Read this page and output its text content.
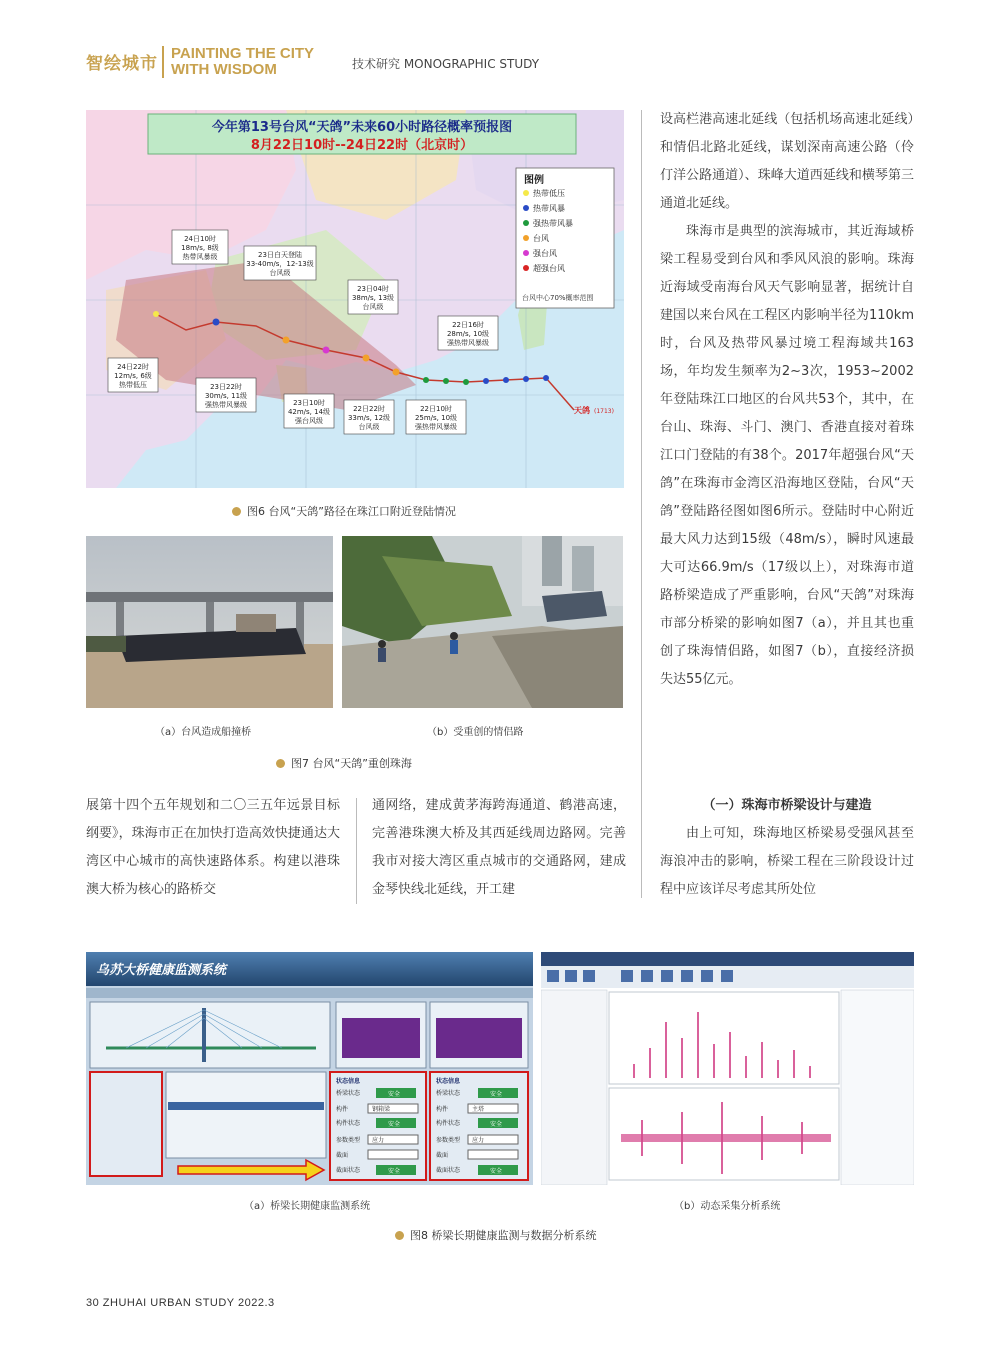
智绘城市
PAINTING THE CITY
WITH WISDOM	技术研究 MONOGRAPHIC STUDY
今年第13号台风“天鸽”未来60小时路径概率预报图
8月22日10时--24日22时（北京时）
图例
热带低压
热带风暴
强热带风暴
台风
强台风
超强台风
台风中心70%概率范围
24日10时
18m/s, 8级
热带风暴级	23日白天登陆
33-40m/s，12-13级
台风级
23日04时
38m/s, 13级
台风级
22日16时
28m/s, 10级
强热带风暴级
24日22时
12m/s, 6级
热带低压	23日22时
30m/s, 11级
强热带风暴级	23日10时
42m/s, 14级
强台风级
22日22时
33m/s, 12级
台风级
22日10时
25m/s, 10级
强热带风暴级
天鸽 (1713)
图6 台风“天鸽”路径在珠江口附近登陆情况
（a）台风造成船撞桥	（b）受重创的情侣路
图7 台风“天鸽”重创珠海

设高栏港高速北延线（包括机场高速北延线）和情侣北路北延线，谋划深南高速公路（伶仃洋公路通道）、珠峰大道西延线和横琴第三通道北延线。

珠海市是典型的滨海城市，其近海域桥梁工程易受到台风和季风风浪的影响。珠海近海域受南海台风天气影响显著，据统计自建国以来台风在工程区内影响半径为110km时，台风及热带风暴过境工程海域共163场，年均发生频率为2~3次，1953~2002年登陆珠江口地区的台风共53个，其中，在台山、珠海、斗门、澳门、香港直接对着珠江口门登陆的有38个。2017年超强台风“天鸽”在珠海市金湾区沿海地区登陆，台风“天鸽”登陆路径图如图6所示。登陆时中心附近最大风力达到15级（48m/s），瞬时风速最大可达66.9m/s（17级以上），对珠海市道路桥梁造成了严重影响，台风“天鸽”对珠海市部分桥梁的影响如图7（a），并且其也重创了珠海情侣路，如图7（b），直接经济损失达55亿元。

（一）珠海市桥梁设计与建造

由上可知，珠海地区桥梁易受强风甚至海浪冲击的影响，桥梁工程在三阶段设计过程中应该详尽考虑其所处位

展第十四个五年规划和二〇三五年远景目标纲要》，珠海市正在加快打造高效快捷通达大湾区中心城市的高快速路体系。构建以港珠澳大桥为核心的路桥交

通网络，建成黄茅海跨海通道、鹤港高速，完善港珠澳大桥及其西延线周边路网。完善我市对接大湾区重点城市的交通路网，建成金琴快线北延线，开工建

乌苏大桥健康监测系统
状态信息
桥梁状态	安全
构件	钢箱梁
构件状态	安全
参数类型 应力
截面
截面状态	安全
状态信息
桥梁状态	安全
构件	主塔
构件状态	安全
参数类型 应力
截面
截面状态	安全
（a）桥梁长期健康监测系统	（b）动态采集分析系统
图8 桥梁长期健康监测与数据分析系统
30 ZHUHAI URBAN STUDY 2022.3
